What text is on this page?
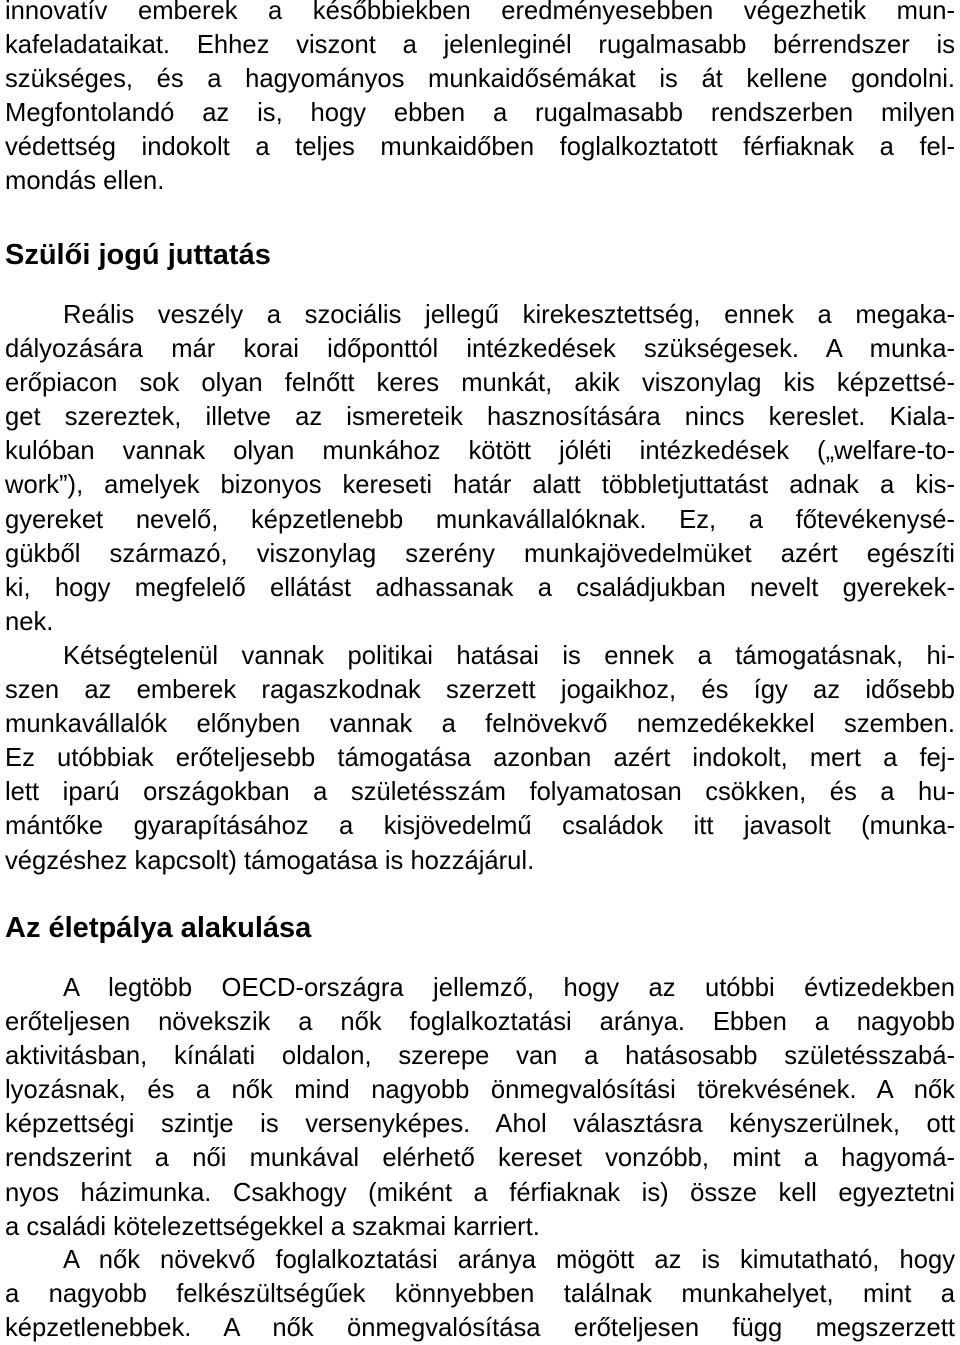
innovatív emberek a későbbiekben eredményesebben végezhetik mun-
kafeladataikat. Ehhez viszont a jelenleginél rugalmasabb bérrendszer is
szükséges, és a hagyományos munkaidősémákat is át kellene gondolni.
Megfontolandó az is, hogy ebben a rugalmasabb rendszerben milyen
védettség indokolt a teljes munkaidőben foglalkoztatott férfiaknak a fel-
mondás ellen.
Szülői jogú juttatás
Reális veszély a szociális jellegű kirekesztettség, ennek a megaka-
dályozására már korai időponttól intézkedések szükségesek. A munka-
erőpiacon sok olyan felnőtt keres munkát, akik viszonylag kis képzettsé-
get szereztek, illetve az ismereteik hasznosítására nincs kereslet. Kiala-
kulóban vannak olyan munkához kötött jóléti intézkedések („welfare-to-
work”), amelyek bizonyos kereseti határ alatt többletjuttatást adnak a kis-
gyereket nevelő, képzetlenebb munkavállalóknak. Ez, a főtevékenysé-
gükből származó, viszonylag szerény munkajövedelmüket azért egészíti
ki, hogy megfelelő ellátást adhassanak a családjukban nevelt gyerekek-
nek.
Kétségtelenül vannak politikai hatásai is ennek a támogatásnak, hi-
szen az emberek ragaszkodnak szerzett jogaikhoz, és így az idősebb
munkavállalók előnyben vannak a felnövekvő nemzedékekkel szemben.
Ez utóbbiak erőteljesebb támogatása azonban azért indokolt, mert a fej-
lett iparú országokban a születésszám folyamatosan csökken, és a hu-
mántőke gyarapításához a kisjövedelmű családok itt javasolt (munka-
végzéshez kapcsolt) támogatása is hozzájárul.
Az életpálya alakulása
A legtöbb OECD-országra jellemző, hogy az utóbbi évtizedekben
erőteljesen növekszik a nők foglalkoztatási aránya. Ebben a nagyobb
aktivitásban, kínálati oldalon, szerepe van a hatásosabb születésszabá-
lyozásnak, és a nők mind nagyobb önmegvalósítási törekvésének. A nők
képzettségi szintje is versenyképes. Ahol választásra kényszerülnek, ott
rendszerint a női munkával elérhető kereset vonzóbb, mint a hagyomá-
nyos házimunka. Csakhogy (miként a férfiaknak is) össze kell egyeztetni
a családi kötelezettségekkel a szakmai karriert.
A nők növekvő foglalkoztatási aránya mögött az is kimutatható, hogy
a nagyobb felkészültségűek könnyebben találnak munkahelyet, mint a
képzetlenebbek. A nők önmegvalósítása erőteljesen függ megszerzett
